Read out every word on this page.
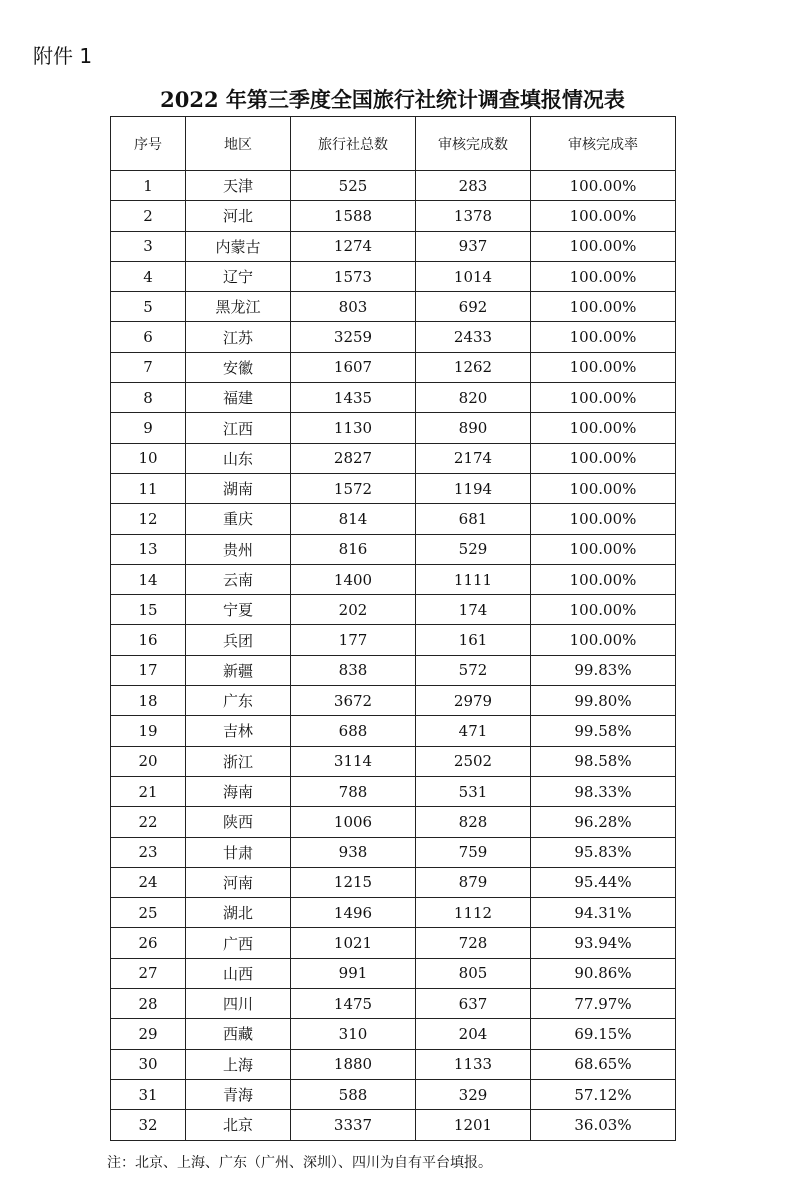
附件 1
2022 年第三季度全国旅行社统计调查填报情况表
序号	地区	旅行社总数	审核完成数	审核完成率
1	天津	525	283	100.00%
2	河北	1588	1378	100.00%
3	内蒙古	1274	937	100.00%
4	辽宁	1573	1014	100.00%
5	黑龙江	803	692	100.00%
6	江苏	3259	2433	100.00%
7	安徽	1607	1262	100.00%
8	福建	1435	820	100.00%
9	江西	1130	890	100.00%
10	山东	2827	2174	100.00%
11	湖南	1572	1194	100.00%
12	重庆	814	681	100.00%
13	贵州	816	529	100.00%
14	云南	1400	1111	100.00%
15	宁夏	202	174	100.00%
16	兵团	177	161	100.00%
17	新疆	838	572	99.83%
18	广东	3672	2979	99.80%
19	吉林	688	471	99.58%
20	浙江	3114	2502	98.58%
21	海南	788	531	98.33%
22	陕西	1006	828	96.28%
23	甘肃	938	759	95.83%
24	河南	1215	879	95.44%
25	湖北	1496	1112	94.31%
26	广西	1021	728	93.94%
27	山西	991	805	90.86%
28	四川	1475	637	77.97%
29	西藏	310	204	69.15%
30	上海	1880	1133	68.65%
31	青海	588	329	57.12%
32	北京	3337	1201	36.03%
注：北京、上海、广东（广州、深圳）、四川为自有平台填报。
